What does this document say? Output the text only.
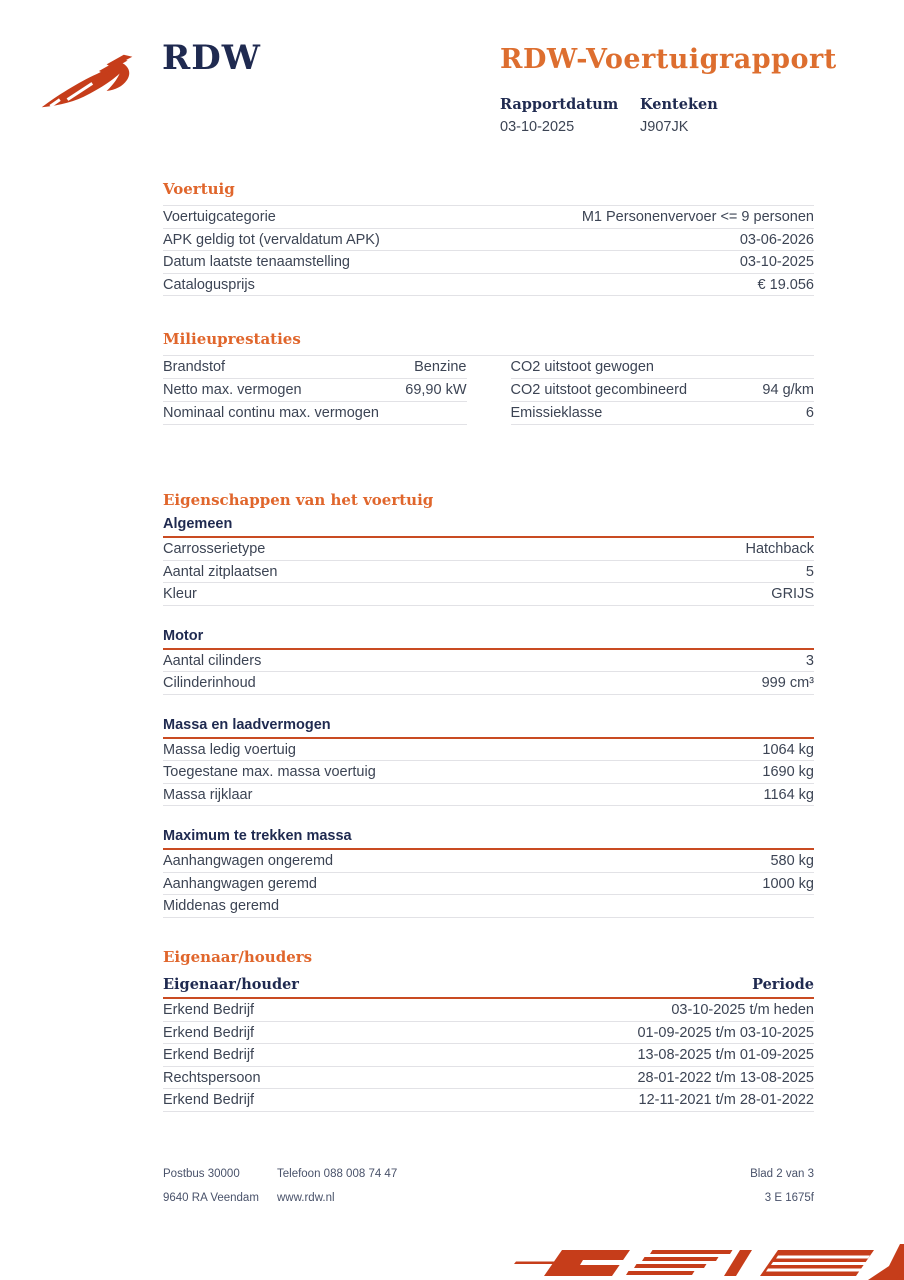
RDW	RDW-Voertuigrapport
Rapportdatum
03-10-2025
Kenteken
J907JK
Voertuig
Voertuigcategorie	M1 Personenvervoer <= 9 personen
APK geldig tot (vervaldatum APK)	03-06-2026
Datum laatste tenaamstelling	03-10-2025
Catalogusprijs	€ 19.056
Milieuprestaties
Brandstof	Benzine
Netto max. vermogen	69,90 kW
Nominaal continu max. vermogen
CO2 uitstoot gewogen
CO2 uitstoot gecombineerd	94 g/km
Emissieklasse	6
Eigenschappen van het voertuig
Algemeen
Carrosserietype	Hatchback
Aantal zitplaatsen	5
Kleur	GRIJS
Motor
Aantal cilinders	3
Cilinderinhoud	999 cm³
Massa en laadvermogen
Massa ledig voertuig	1064 kg
Toegestane max. massa voertuig	1690 kg
Massa rijklaar	1164 kg
Maximum te trekken massa
Aanhangwagen ongeremd	580 kg
Aanhangwagen geremd	1000 kg
Middenas geremd
Eigenaar/houders
Eigenaar/houder	Periode
Erkend Bedrijf	03-10-2025 t/m heden
Erkend Bedrijf	01-09-2025 t/m 03-10-2025
Erkend Bedrijf	13-08-2025 t/m 01-09-2025
Rechtspersoon	28-01-2022 t/m 13-08-2025
Erkend Bedrijf	12-11-2021 t/m 28-01-2022
Postbus 30000
9640 RA Veendam
Telefoon 088 008 74 47
www.rdw.nl
Blad 2 van 3
3 E 1675f
